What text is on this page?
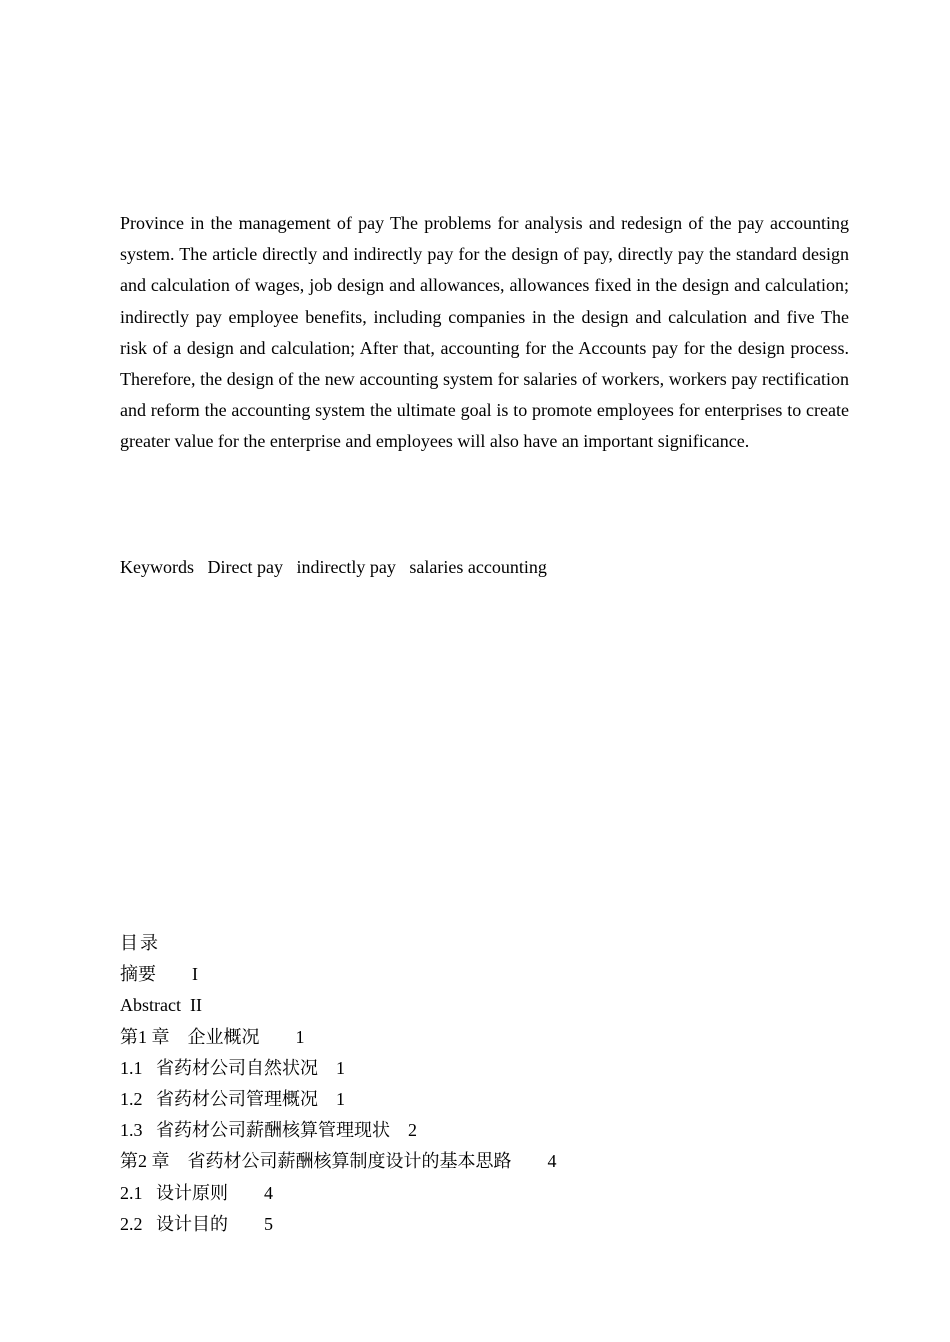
Province in the management of pay The problems for analysis and redesign of the pay accounting system. The article directly and indirectly pay for the design of pay, directly pay the standard design and calculation of wages, job design and allowances, allowances fixed in the design and calculation; indirectly pay employee benefits, including companies in the design and calculation and five The risk of a design and calculation; After that, accounting for the Accounts pay for the design process. Therefore, the design of the new accounting system for salaries of workers, workers pay rectification and reform the accounting system the ultimate goal is to promote employees for enterprises to create greater value for the enterprise and employees will also have an important significance.

Keywords   Direct pay   indirectly pay   salaries accounting

目录
摘要　　I
Abstract  II
第1 章　企业概况　　1
1.1   省药材公司自然状况　1
1.2   省药材公司管理概况　1
1.3   省药材公司薪酬核算管理现状　2
第2 章　省药材公司薪酬核算制度设计的基本思路　　4
2.1   设计原则　　4
2.2   设计目的　　5
